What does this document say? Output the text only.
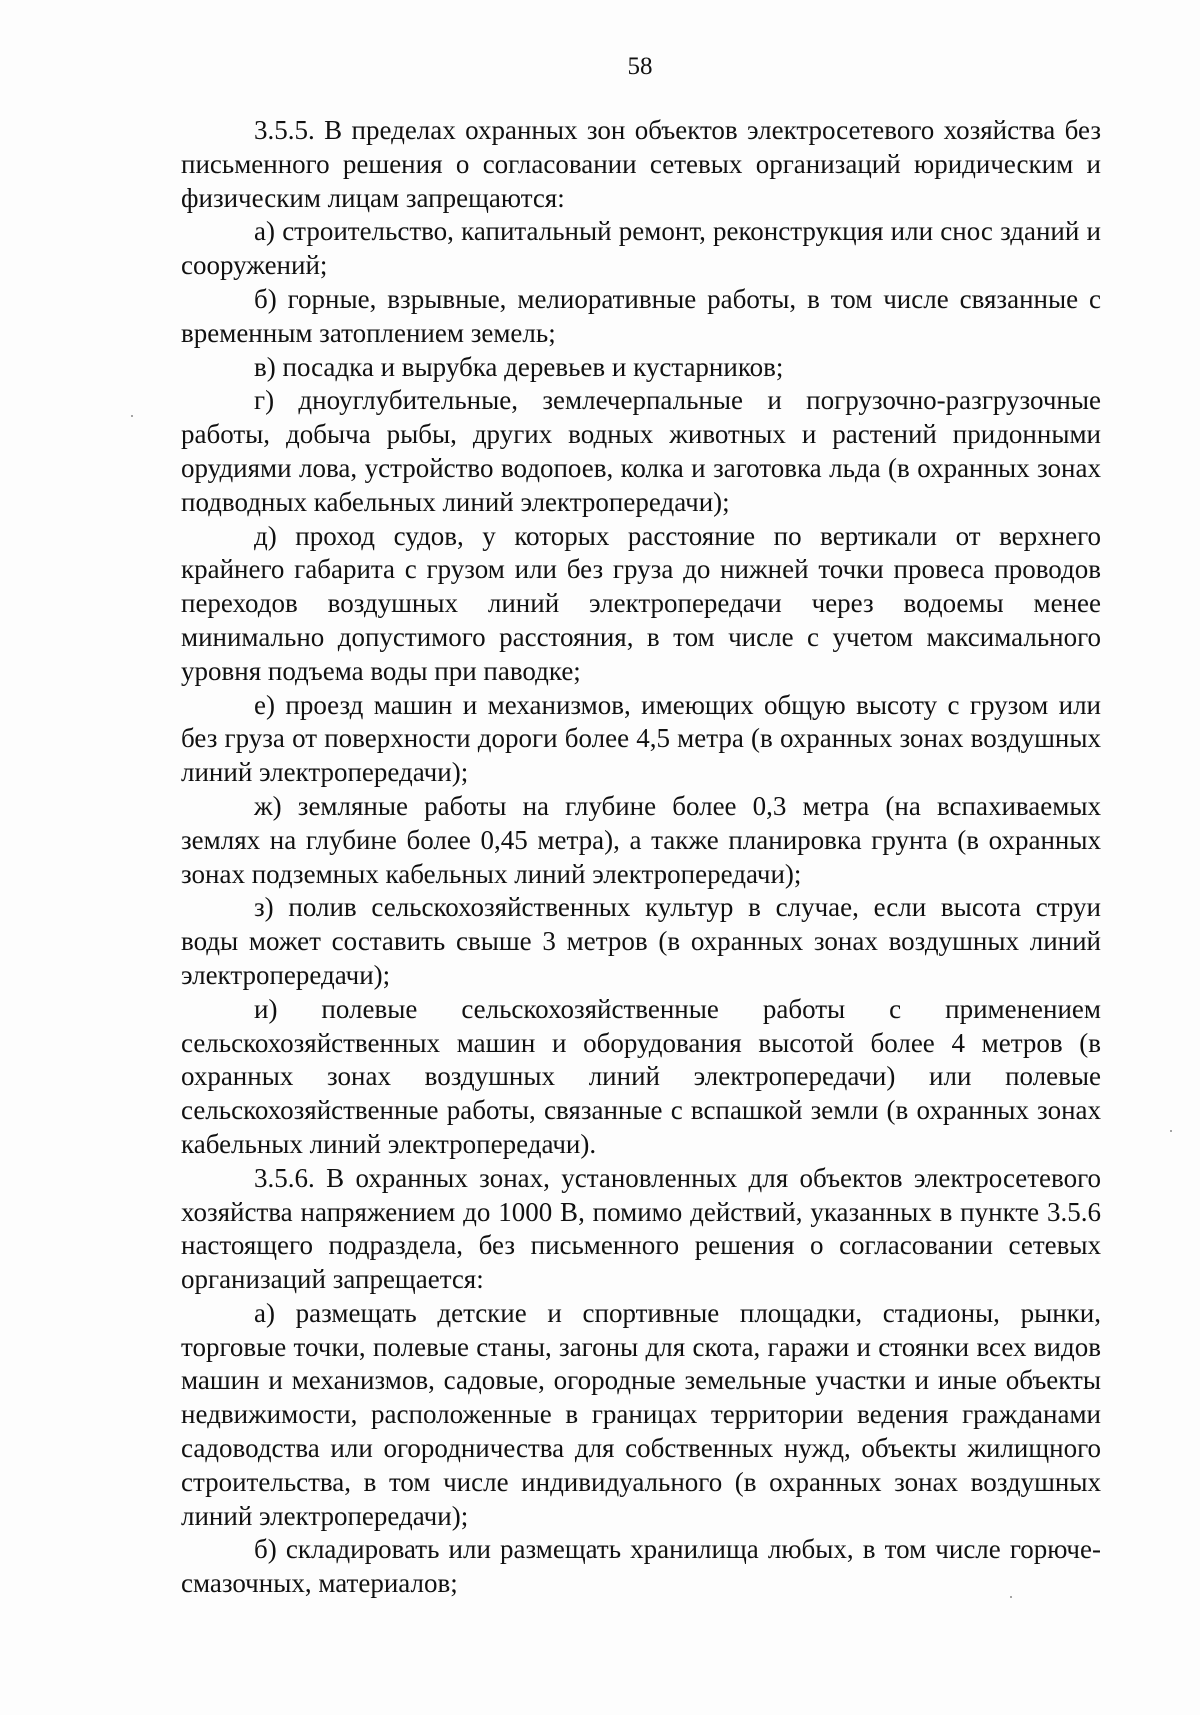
58

3.5.5. В пределах охранных зон объектов электросетевого хозяйства без письменного решения о согласовании сетевых организаций юридическим и физическим лицам запрещаются:

а) строительство, капитальный ремонт, реконструкция или снос зданий и сооружений;

б) горные, взрывные, мелиоративные работы, в том числе связанные с временным затоплением земель;

в) посадка и вырубка деревьев и кустарников;

г) дноуглубительные, землечерпальные и погрузочно-разгрузочные работы, добыча рыбы, других водных животных и растений придонными орудиями лова, устройство водопоев, колка и заготовка льда (в охранных зонах подводных кабельных линий электропередачи);

д) проход судов, у которых расстояние по вертикали от верхнего крайнего габарита с грузом или без груза до нижней точки провеса проводов переходов воздушных линий электропередачи через водоемы менее минимально допустимого расстояния, в том числе с учетом максимального уровня подъема воды при паводке;

е) проезд машин и механизмов, имеющих общую высоту с грузом или без груза от поверхности дороги более 4,5 метра (в охранных зонах воздушных линий электропередачи);

ж) земляные работы на глубине более 0,3 метра (на вспахиваемых землях на глубине более 0,45 метра), а также планировка грунта (в охранных зонах подземных кабельных линий электропередачи);

з) полив сельскохозяйственных культур в случае, если высота струи воды может составить свыше 3 метров (в охранных зонах воздушных линий электропередачи);

и) полевые сельскохозяйственные работы с применением сельскохозяйственных машин и оборудования высотой более 4 метров (в охранных зонах воздушных линий электропередачи) или полевые сельскохозяйственные работы, связанные с вспашкой земли (в охранных зонах кабельных линий электропередачи).

3.5.6. В охранных зонах, установленных для объектов электросетевого хозяйства напряжением до 1000 В, помимо действий, указанных в пункте 3.5.6 настоящего подраздела, без письменного решения о согласовании сетевых организаций запрещается:

а) размещать детские и спортивные площадки, стадионы, рынки, торговые точки, полевые станы, загоны для скота, гаражи и стоянки всех видов машин и механизмов, садовые, огородные земельные участки и иные объекты недвижимости, расположенные в границах территории ведения гражданами садоводства или огородничества для собственных нужд, объекты жилищного строительства, в том числе индивидуального (в охранных зонах воздушных линий электропередачи);

б) складировать или размещать хранилища любых, в том числе горюче-смазочных, материалов;
